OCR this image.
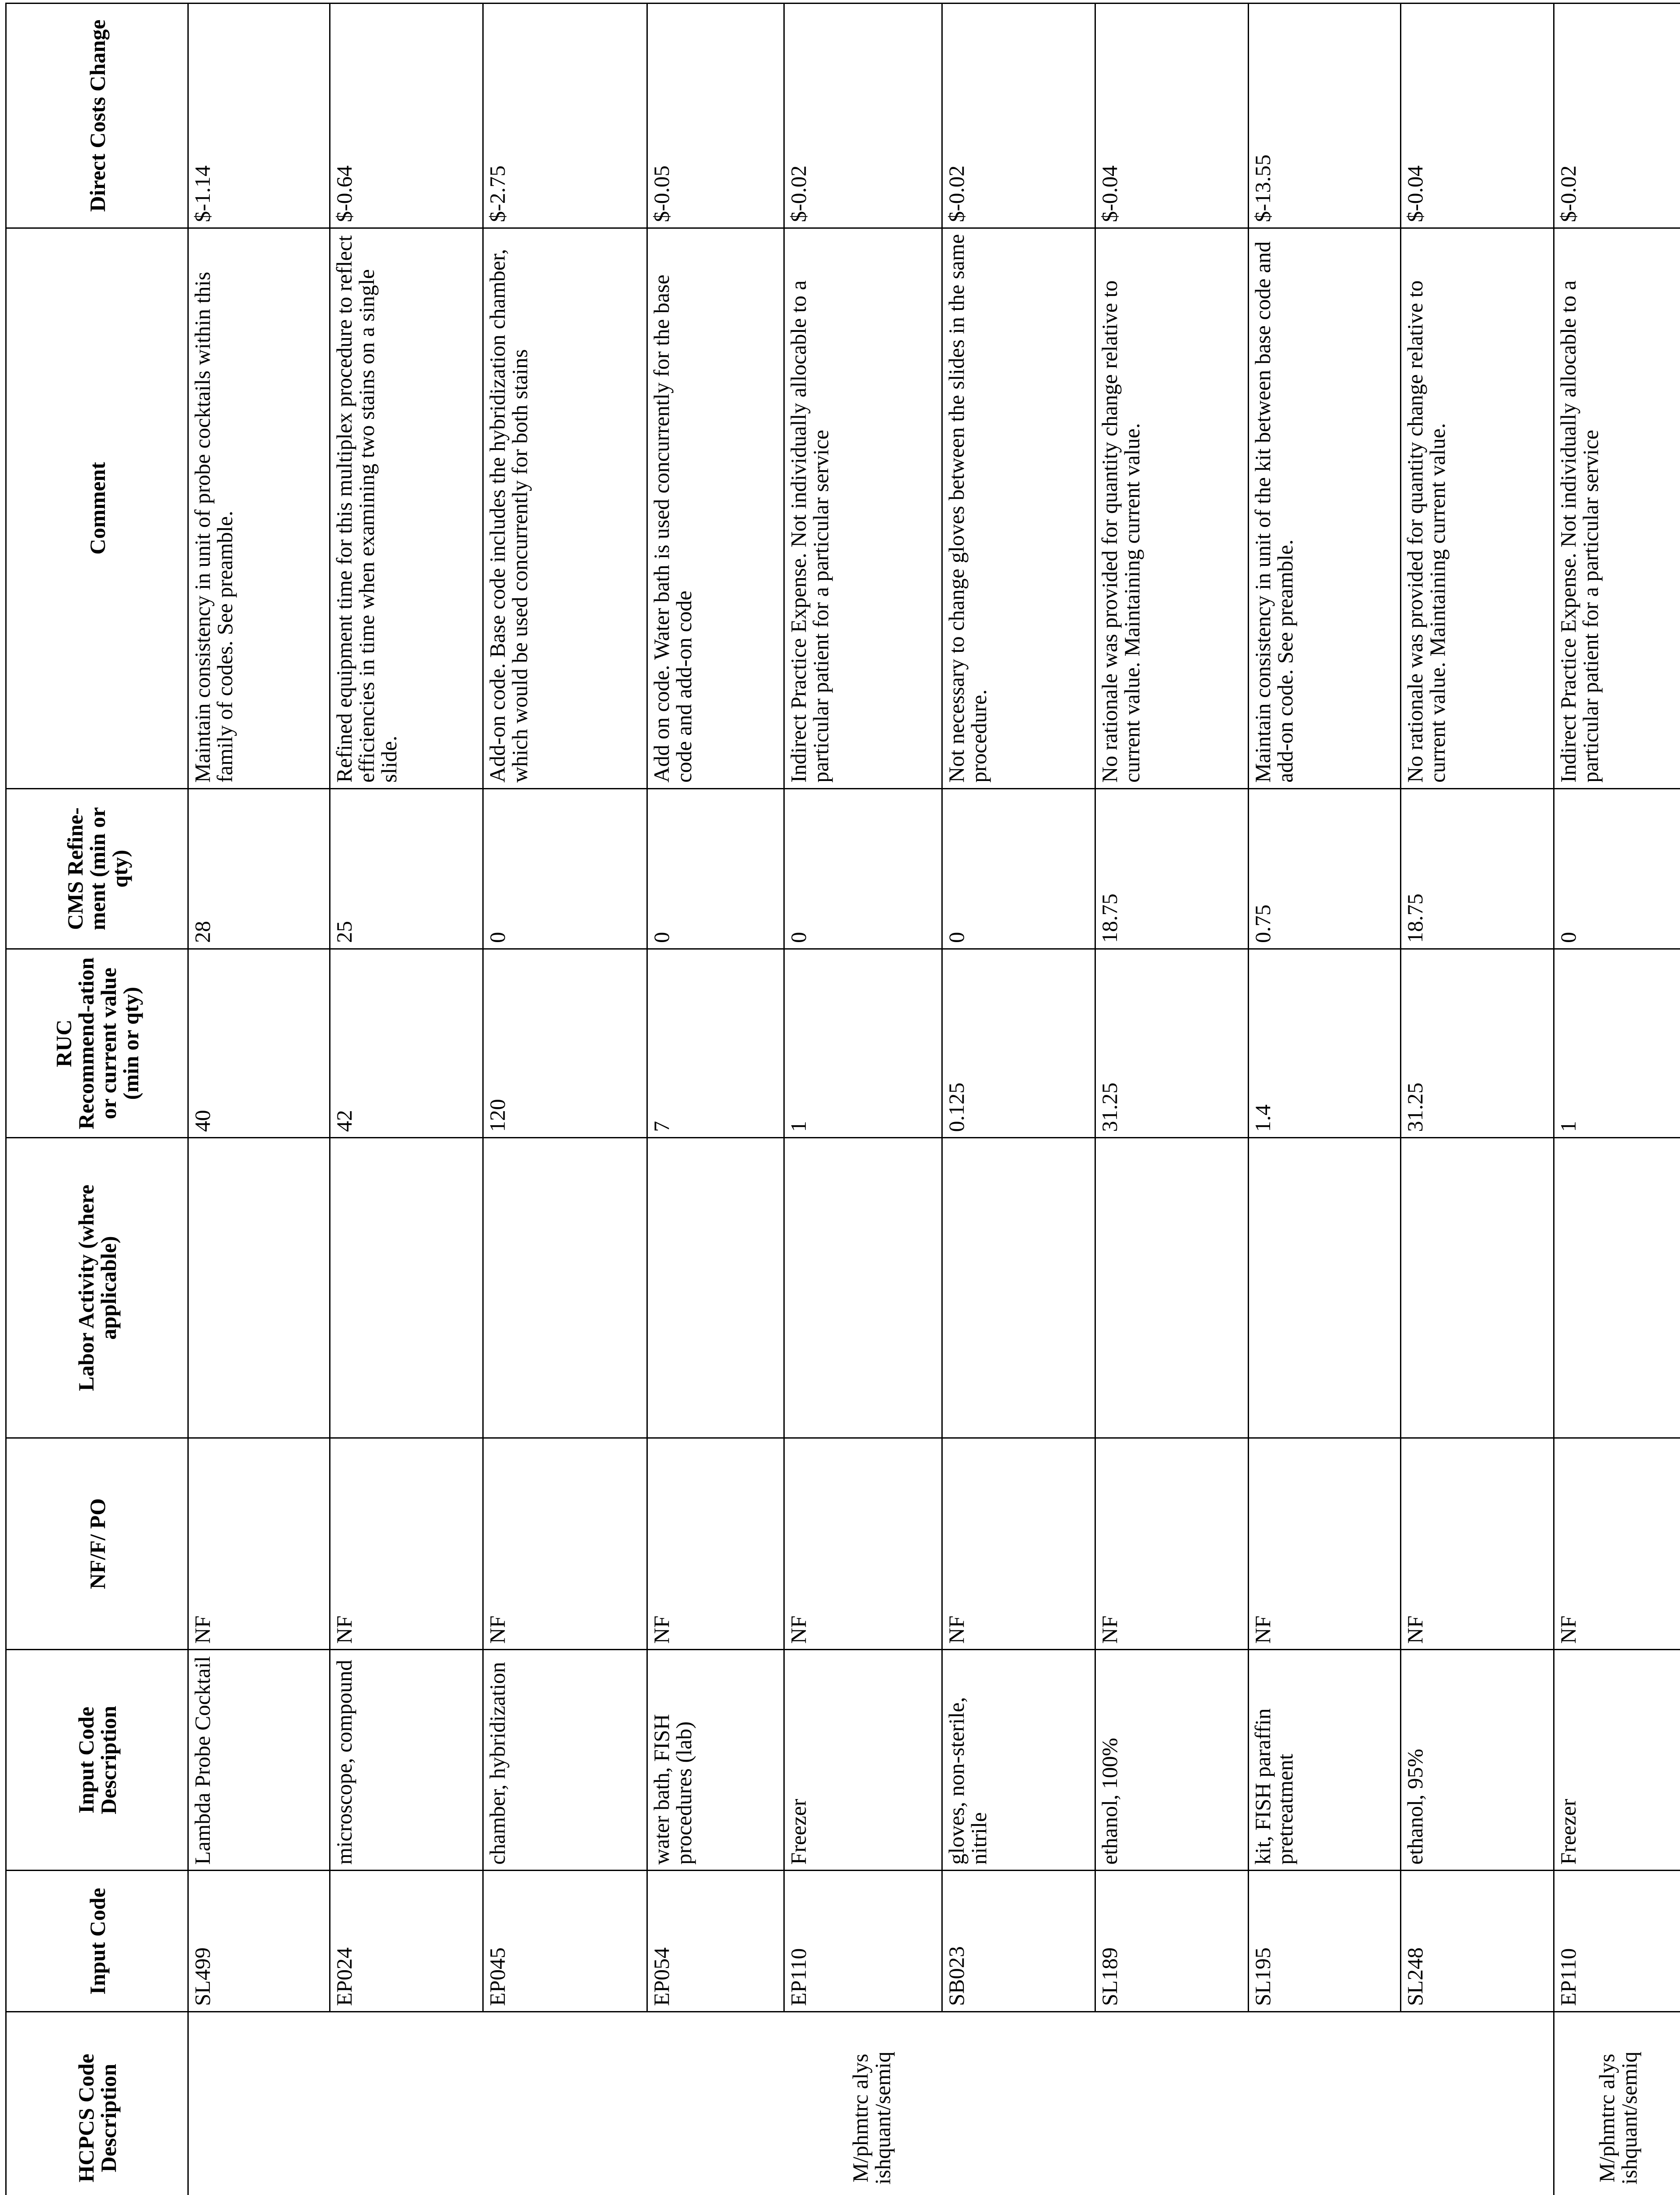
	HCPCS Code Description	Input Code	Input Code Description	NF/F/ PO	Labor Activity (where applicable)	RUC Recommend-ation or current value (min or qty)	CMS Refine-ment (min or qty)	Comment	Direct Costs Change
	M/phmtrc alys ishquant/semiq	SL499	Lambda Probe Cocktail	NF		40	28	Maintain consistency in unit of probe cocktails within this family of codes. See preamble.	$-1.14
		EP024	microscope, compound	NF		42	25	Refined equipment time for this multiplex procedure to reflect efficiencies in time when examining two stains on a single slide.	$-0.64
		EP045	chamber, hybridization	NF		120	0	Add-on code. Base code includes the hybridization chamber, which would be used concurrently for both stains	$-2.75
		EP054	water bath, FISH procedures (lab)	NF		7	0	Add on code. Water bath is used concurrently for the base code and add-on code	$-0.05
		EP110	Freezer	NF		1	0	Indirect Practice Expense. Not individually allocable to a particular patient for a particular service	$-0.02
		SB023	gloves, non-sterile, nitrile	NF		0.125	0	Not necessary to change gloves between the slides in the same procedure.	$-0.02
		SL189	ethanol, 100%	NF		31.25	18.75	No rationale was provided for quantity change relative to current value. Maintaining current value.	$-0.04
		SL195	kit, FISH paraffin pretreatment	NF		1.4	0.75	Maintain consistency in unit of the kit between base code and add-on code. See preamble.	$-13.55
		SL248	ethanol, 95%	NF		31.25	18.75	No rationale was provided for quantity change relative to current value. Maintaining current value.	$-0.04
	M/phmtrc alys ishquant/semiq	EP110	Freezer	NF		1	0	Indirect Practice Expense. Not individually allocable to a particular patient for a particular service	$-0.02
